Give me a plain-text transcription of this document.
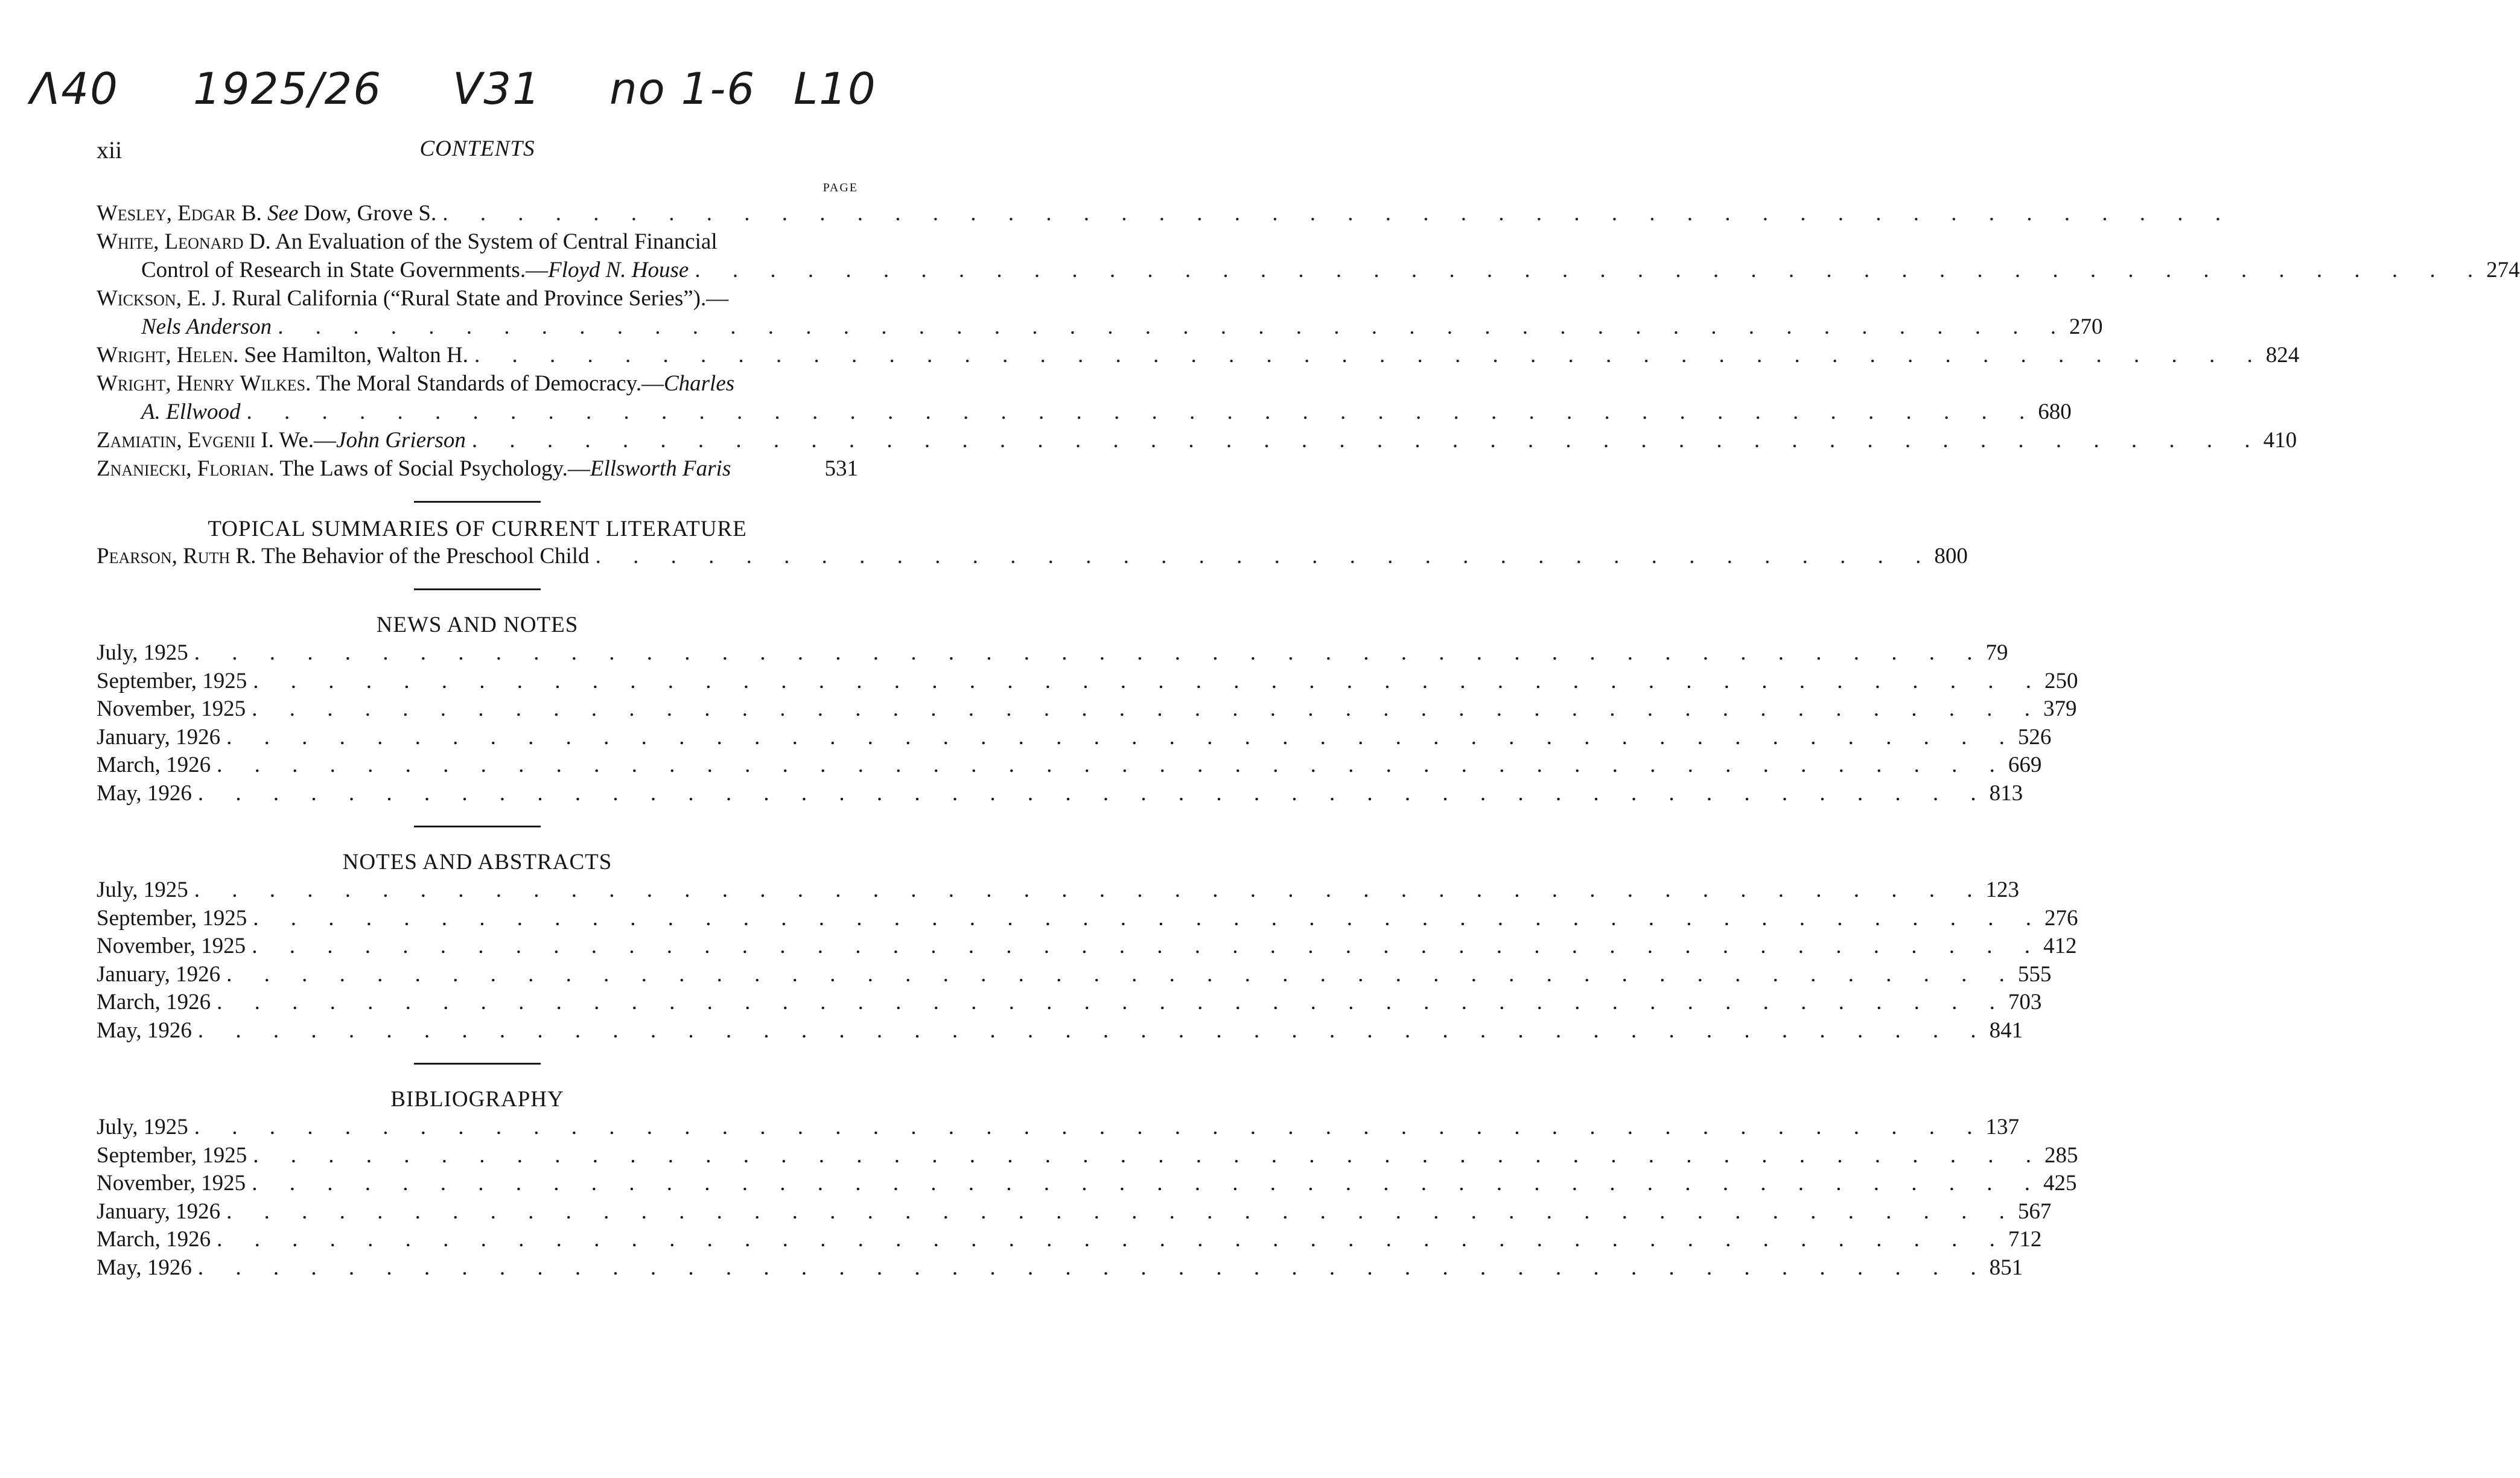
Λ40 1925/26 V31 no 1-6 L10
xii	CONTENTS
PAGE
Wesley, Edgar B. See Dow, Grove S. . . . . . . . . . . . . . . . . . . . . . . . . . . . . . . . . . . . . . . . . . . . . . . . .
White, Leonard D. An Evaluation of the System of Central Financial
Control of Research in State Governments.—Floyd N. House . . . . . . . . . . . . . . . . . . . . . . . . . . . . . . . . . . . . . . . . . . . . . . . . 274
Wickson, E. J. Rural California (“Rural State and Province Series”).—
Nels Anderson . . . . . . . . . . . . . . . . . . . . . . . . . . . . . . . . . . . . . . . . . . . . . . . . 270
Wright, Helen. See Hamilton, Walton H. . . . . . . . . . . . . . . . . . . . . . . . . . . . . . . . . . . . . . . . . . . . . . . . . 824
Wright, Henry Wilkes. The Moral Standards of Democracy.—Charles
A. Ellwood . . . . . . . . . . . . . . . . . . . . . . . . . . . . . . . . . . . . . . . . . . . . . . . . 680
Zamiatin, Evgenii I. We.—John Grierson . . . . . . . . . . . . . . . . . . . . . . . . . . . . . . . . . . . . . . . . . . . . . . . . 410
Znaniecki, Florian. The Laws of Social Psychology.—Ellsworth Faris	531
TOPICAL SUMMARIES OF CURRENT LITERATURE
Pearson, Ruth R. The Behavior of the Preschool Child . . . . . . . . . . . . . . . . . . . . . . . . . . . . . . . . . . . . 800
NEWS AND NOTES
July, 1925 . . . . . . . . . . . . . . . . . . . . . . . . . . . . . . . . . . . . . . . . . . . . . . . . 79
September, 1925 . . . . . . . . . . . . . . . . . . . . . . . . . . . . . . . . . . . . . . . . . . . . . . . . 250
November, 1925 . . . . . . . . . . . . . . . . . . . . . . . . . . . . . . . . . . . . . . . . . . . . . . . . 379
January, 1926 . . . . . . . . . . . . . . . . . . . . . . . . . . . . . . . . . . . . . . . . . . . . . . . . 526
March, 1926 . . . . . . . . . . . . . . . . . . . . . . . . . . . . . . . . . . . . . . . . . . . . . . . . 669
May, 1926 . . . . . . . . . . . . . . . . . . . . . . . . . . . . . . . . . . . . . . . . . . . . . . . . 813
NOTES AND ABSTRACTS
July, 1925 . . . . . . . . . . . . . . . . . . . . . . . . . . . . . . . . . . . . . . . . . . . . . . . . 123
September, 1925 . . . . . . . . . . . . . . . . . . . . . . . . . . . . . . . . . . . . . . . . . . . . . . . . 276
November, 1925 . . . . . . . . . . . . . . . . . . . . . . . . . . . . . . . . . . . . . . . . . . . . . . . . 412
January, 1926 . . . . . . . . . . . . . . . . . . . . . . . . . . . . . . . . . . . . . . . . . . . . . . . . 555
March, 1926 . . . . . . . . . . . . . . . . . . . . . . . . . . . . . . . . . . . . . . . . . . . . . . . . 703
May, 1926 . . . . . . . . . . . . . . . . . . . . . . . . . . . . . . . . . . . . . . . . . . . . . . . . 841
BIBLIOGRAPHY
July, 1925 . . . . . . . . . . . . . . . . . . . . . . . . . . . . . . . . . . . . . . . . . . . . . . . . 137
September, 1925 . . . . . . . . . . . . . . . . . . . . . . . . . . . . . . . . . . . . . . . . . . . . . . . . 285
November, 1925 . . . . . . . . . . . . . . . . . . . . . . . . . . . . . . . . . . . . . . . . . . . . . . . . 425
January, 1926 . . . . . . . . . . . . . . . . . . . . . . . . . . . . . . . . . . . . . . . . . . . . . . . . 567
March, 1926 . . . . . . . . . . . . . . . . . . . . . . . . . . . . . . . . . . . . . . . . . . . . . . . . 712
May, 1926 . . . . . . . . . . . . . . . . . . . . . . . . . . . . . . . . . . . . . . . . . . . . . . . . 851
